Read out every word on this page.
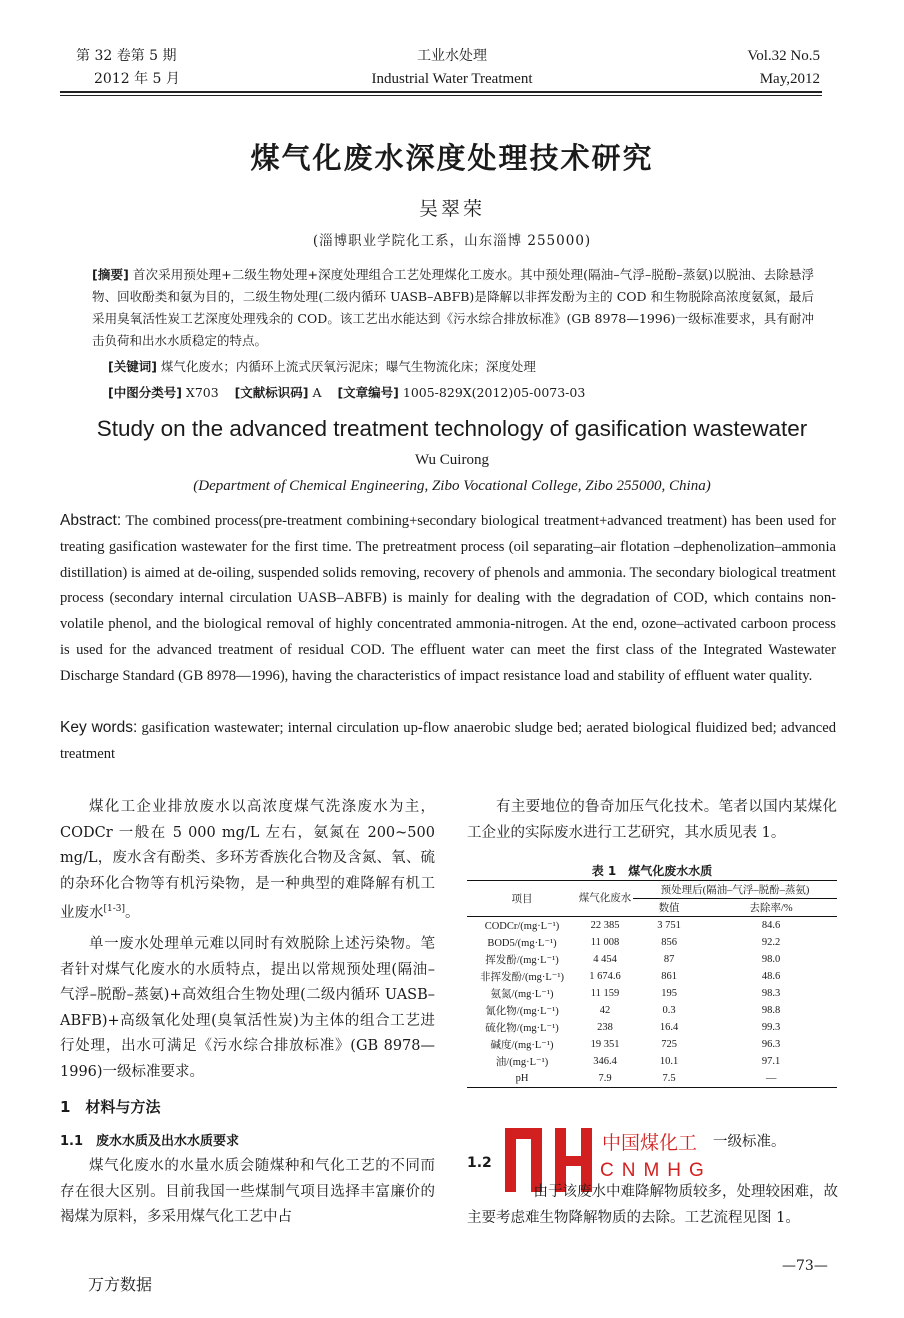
第 32 卷第 5 期
2012 年 5 月
工业水处理
Industrial Water Treatment
Vol.32 No.5
May,2012
煤气化废水深度处理技术研究
吴翠荣
(淄博职业学院化工系，山东淄博 255000)
[摘要] 首次采用预处理+二级生物处理+深度处理组合工艺处理煤化工废水。其中预处理(隔油–气浮–脱酚–蒸氨)以脱油、去除悬浮物、回收酚类和氨为目的，二级生物处理(二级内循环 UASB–ABFB)是降解以非挥发酚为主的 COD 和生物脱除高浓度氨氮，最后采用臭氧活性炭工艺深度处理残余的 COD。该工艺出水能达到《污水综合排放标准》(GB 8978—1996)一级标准要求，具有耐冲击负荷和出水水质稳定的特点。
[关键词] 煤气化废水；内循环上流式厌氧污泥床；曝气生物流化床；深度处理
[中图分类号] X703 [文献标识码] A [文章编号] 1005-829X(2012)05-0073-03
Study on the advanced treatment technology of gasification wastewater
Wu Cuirong
(Department of Chemical Engineering, Zibo Vocational College, Zibo 255000, China)
Abstract: The combined process(pre-treatment combining+secondary biological treatment+advanced treatment) has been used for treating gasification wastewater for the first time. The pretreatment process (oil separating–air flotation –dephenolization–ammonia distillation) is aimed at de-oiling, suspended solids removing, recovery of phenols and ammonia. The secondary biological treatment process (secondary internal circulation UASB–ABFB) is mainly for dealing with the degradation of COD, which contains non-volatile phenol, and the biological removal of highly concentrated ammonia-nitrogen. At the end, ozone–activated carboon process is used for the advanced treatment of residual COD. The effluent water can meet the first class of the Integrated Wastewater Discharge Standard (GB 8978—1996), having the characteristics of impact resistance load and stability of effluent water quality.
Key words: gasification wastewater; internal circulation up-flow anaerobic sludge bed; aerated biological fluidized bed; advanced treatment

煤化工企业排放废水以高浓度煤气洗涤废水为主，CODCr 一般在 5 000 mg/L 左右，氨氮在 200~500 mg/L，废水含有酚类、多环芳香族化合物及含氮、氧、硫的杂环化合物等有机污染物，是一种典型的难降解有机工业废水[1-3]。

单一废水处理单元难以同时有效脱除上述污染物。笔者针对煤气化废水的水质特点，提出以常规预处理(隔油–气浮–脱酚–蒸氨)+高效组合生物处理(二级内循环 UASB– ABFB)+高级氧化处理(臭氧活性炭)为主体的组合工艺进行处理，出水可满足《污水综合排放标准》(GB 8978—1996)一级标准要求。

1　材料与方法
1.1　废水水质及出水水质要求

煤气化废水的水量水质会随煤种和气化工艺的不同而存在很大区别。目前我国一些煤制气项目选择丰富廉价的褐煤为原料，多采用煤气化工艺中占

有主要地位的鲁奇加压气化技术。笔者以国内某煤化工企业的实际废水进行工艺研究，其水质见表 1。

表 1　煤气化废水水质
项目	煤气化废水	预处理后(隔油–气浮–脱酚–蒸氨)	
		数值	去除率/%
CODCr/(mg·L⁻¹)	22 385	3 751	84.6
BOD5/(mg·L⁻¹)	11 008	856	92.2
挥发酚/(mg·L⁻¹)	4 454	87	98.0
非挥发酚/(mg·L⁻¹)	1 674.6	861	48.6
氨氮/(mg·L⁻¹)	11 159	195	98.3
氰化物/(mg·L⁻¹)	42	0.3	98.8
硫化物/(mg·L⁻¹)	238	16.4	99.3
碱度/(mg·L⁻¹)	19 351	725	96.3
油/(mg·L⁻¹)	346.4	10.1	97.1
pH	7.9	7.5	—
中国煤化工 一级标准。
CNMHG
1.2
由于该废水中难降解物质较多，处理较困难，故
主要考虑难生物降解物质的去除。工艺流程见图 1。
—73—
万方数据
